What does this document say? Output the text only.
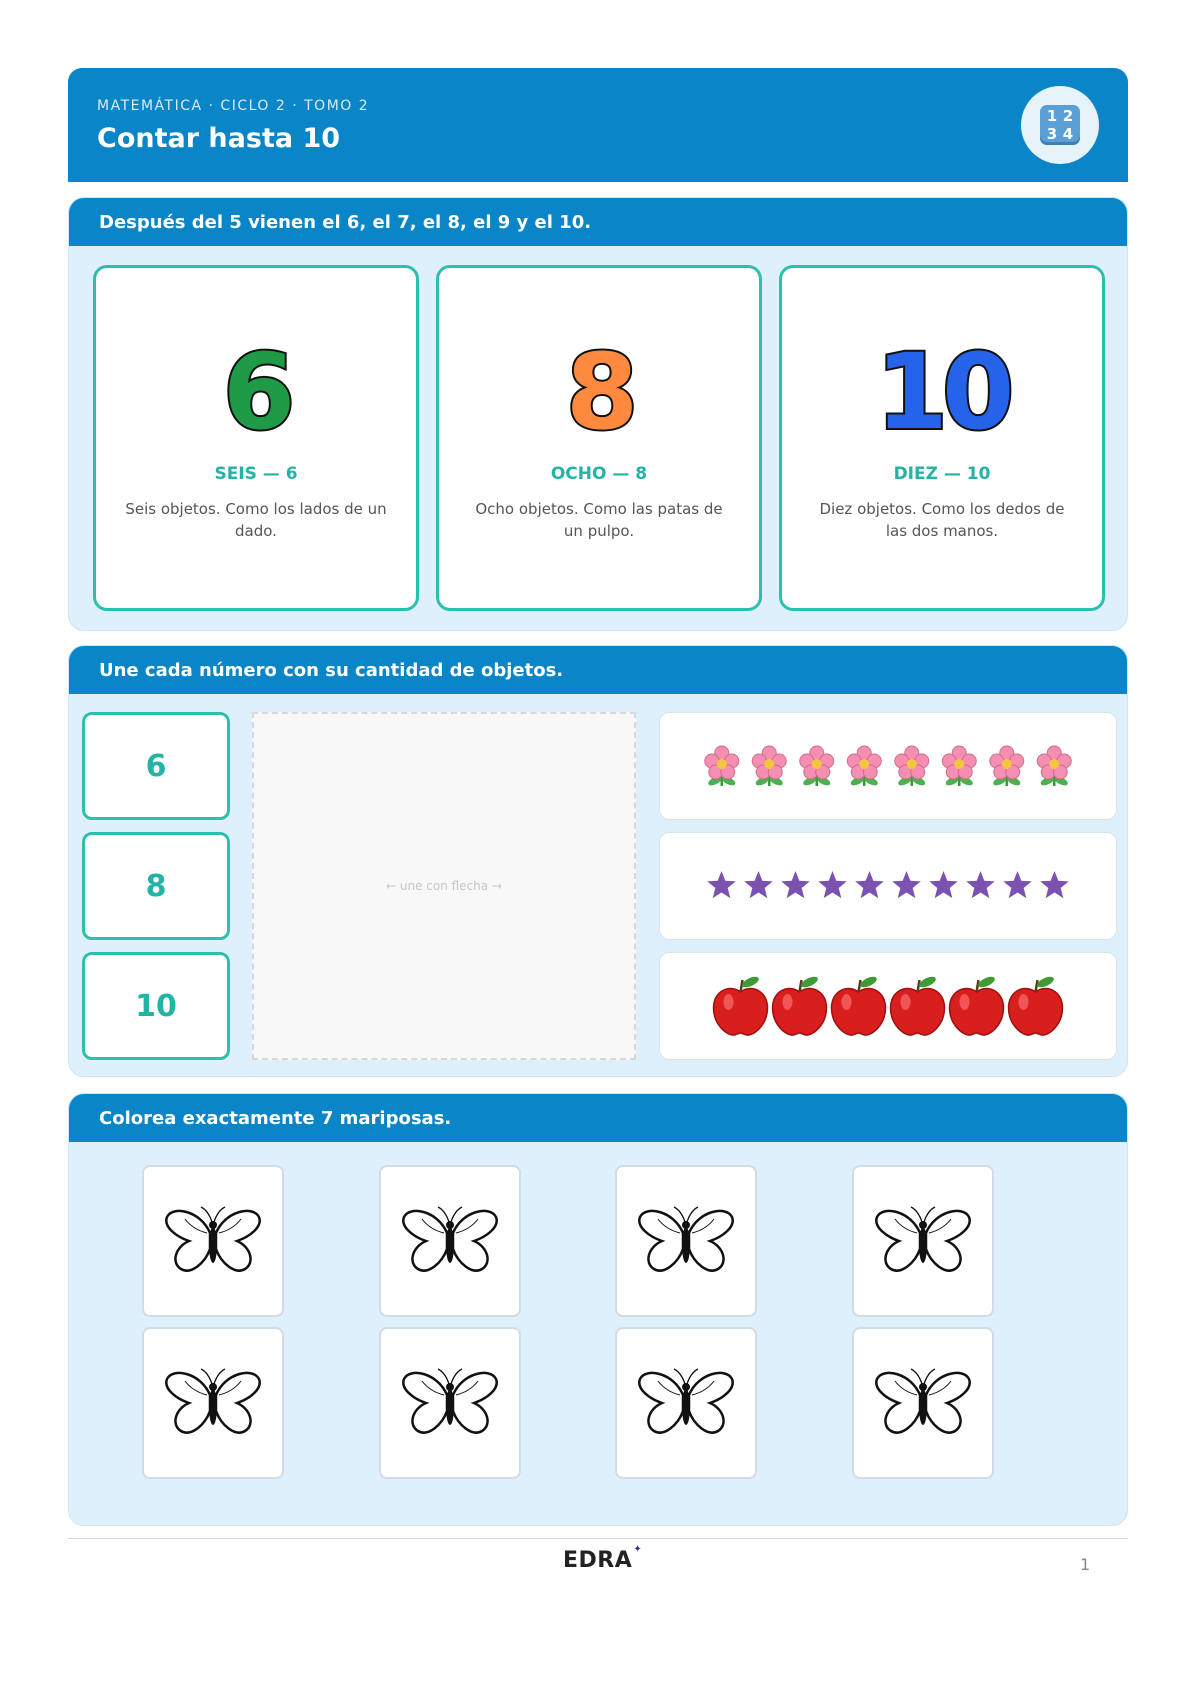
MATEMÁTICA · CICLO 2 · TOMO 2
Contar hasta 10
1 2
3 4
Después del 5 vienen el 6, el 7, el 8, el 9 y el 10.
6
SEIS — 6
Seis objetos. Como los lados de un dado.
8
OCHO — 8
Ocho objetos. Como las patas de un pulpo.
10
DIEZ — 10
Diez objetos. Como los dedos de las dos manos.
Une cada número con su cantidad de objetos.
6
8
10
← une con flecha →
Colorea exactamente 7 mariposas.
EDRA ✦
1
